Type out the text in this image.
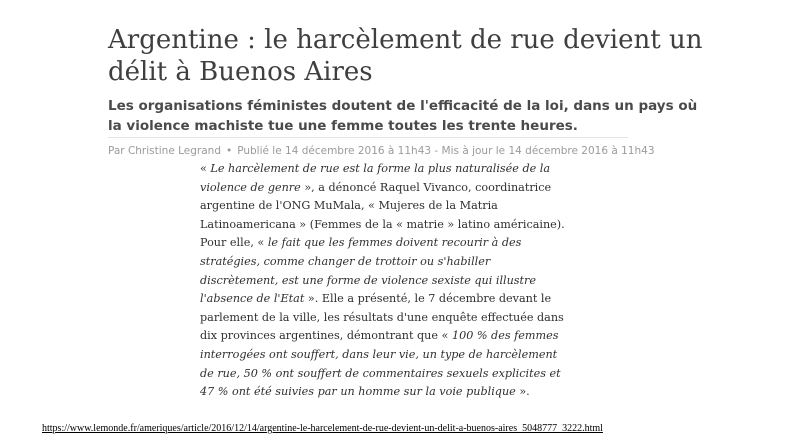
Argentine : le harcèlement de rue devient un délit à Buenos Aires

Les organisations féministes doutent de l'efficacité de la loi, dans un pays où la violence machiste tue une femme toutes les trente heures.

Par Christine Legrand • Publié le 14 décembre 2016 à 11h43 - Mis à jour le 14 décembre 2016 à 11h43

« Le harcèlement de rue est la forme la plus naturalisée de la violence de genre », a dénoncé Raquel Vivanco, coordinatrice argentine de l'ONG MuMala, « Mujeres de la Matria Latinoamericana » (Femmes de la « matrie » latino américaine). Pour elle, « le fait que les femmes doivent recourir à des stratégies, comme changer de trottoir ou s'habiller discrètement, est une forme de violence sexiste qui illustre l'absence de l'Etat ». Elle a présenté, le 7 décembre devant le parlement de la ville, les résultats d'une enquête effectuée dans dix provinces argentines, démontrant que « 100 % des femmes interrogées ont souffert, dans leur vie, un type de harcèlement de rue, 50 % ont souffert de commentaires sexuels explicites et 47 % ont été suivies par un homme sur la voie publique ».

https://www.lemonde.fr/ameriques/article/2016/12/14/argentine-le-harcelement-de-rue-devient-un-delit-a-buenos-aires_5048777_3222.html
